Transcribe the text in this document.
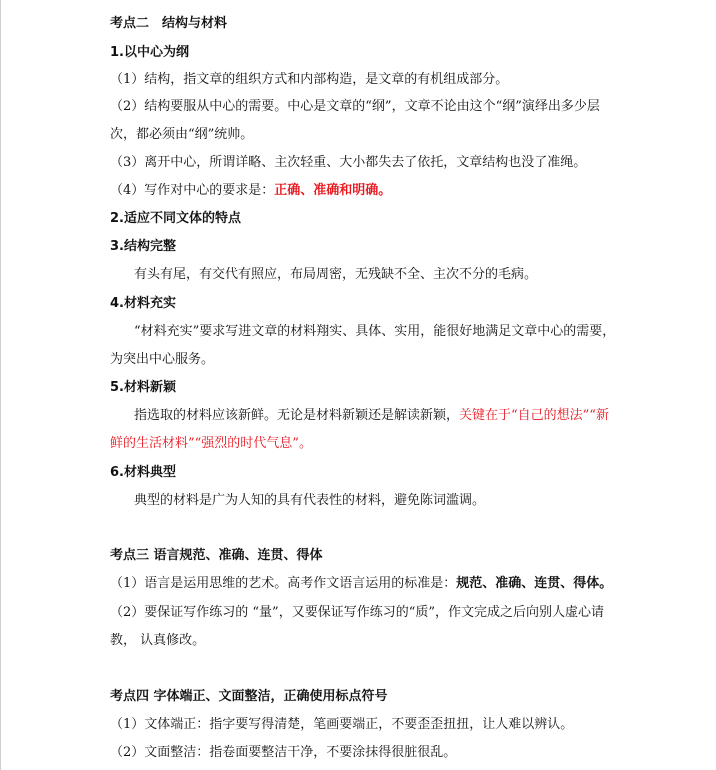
考点二　结构与材料
1.以中心为纲
（1）结构，指文章的组织方式和内部构造，是文章的有机组成部分。
（2）结构要服从中心的需要。中心是文章的“纲”，文章不论由这个“纲”演绎出多少层
次，都必须由“纲”统帅。
（3）离开中心，所谓详略、主次轻重、大小都失去了依托，文章结构也没了准绳。
（4）写作对中心的要求是：正确、准确和明确。
2.适应不同文体的特点
3.结构完整
有头有尾，有交代有照应，布局周密，无残缺不全、主次不分的毛病。
4.材料充实
“材料充实”要求写进文章的材料翔实、具体、实用，能很好地满足文章中心的需要，
为突出中心服务。
5.材料新颖
指选取的材料应该新鲜。无论是材料新颖还是解读新颖，关键在于“自己的想法”“新
鲜的生活材料”“强烈的时代气息”。
6.材料典型
典型的材料是广为人知的具有代表性的材料，避免陈词滥调。
考点三 语言规范、准确、连贯、得体
（1）语言是运用思维的艺术。高考作文语言运用的标准是：规范、准确、连贯、得体。
（2）要保证写作练习的 “量”，又要保证写作练习的“质”，作文完成之后向别人虚心请
教， 认真修改。
考点四 字体端正、文面整洁，正确使用标点符号
（1）文体端正：指字要写得清楚，笔画要端正，不要歪歪扭扭，让人难以辨认。
（2）文面整洁：指卷面要整洁干净，不要涂抹得很脏很乱。
